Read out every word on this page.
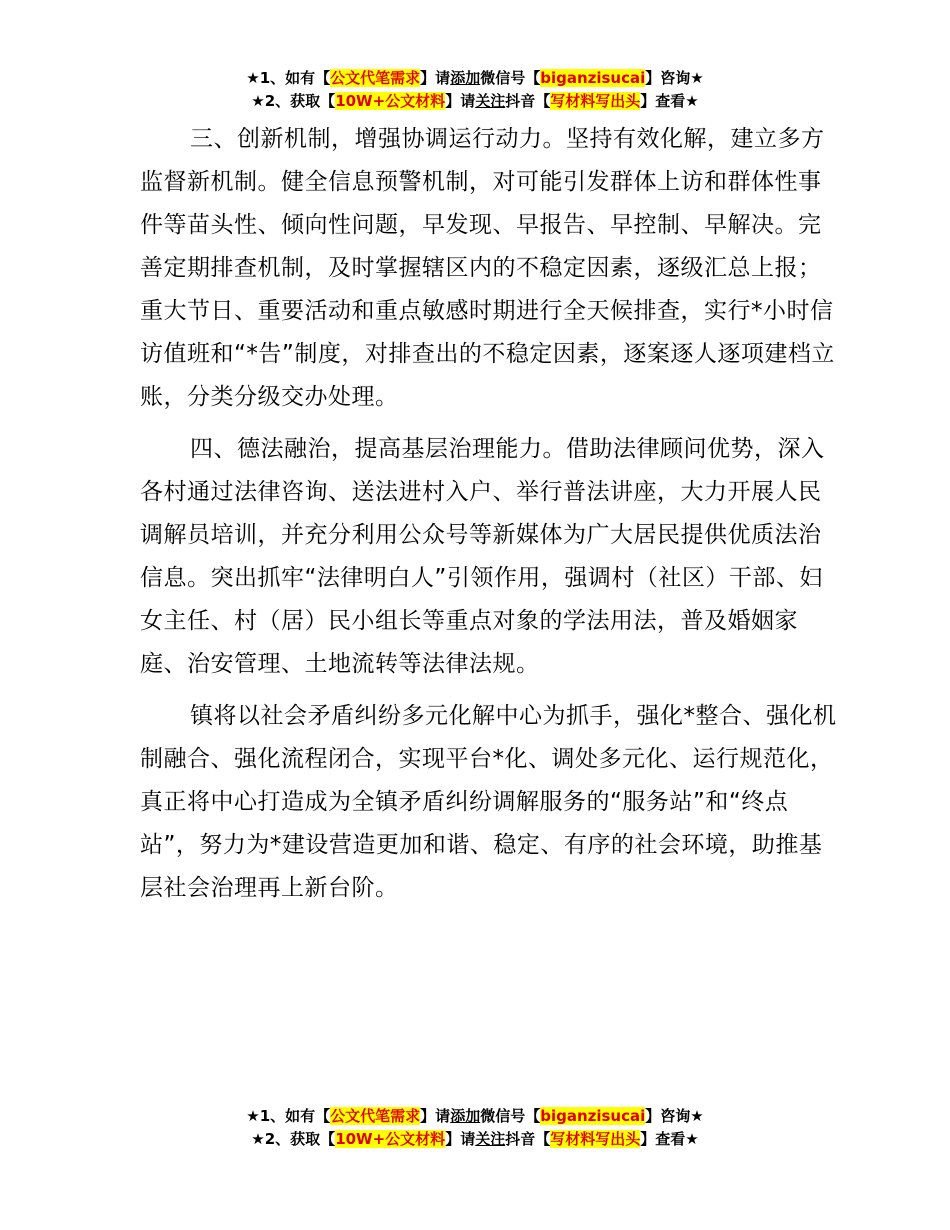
★1、如有【公文代笔需求】请添加微信号【biganzisucai】咨询★
★2、获取【10W+公文材料】请关注抖音【写材料写出头】查看★

三、创新机制，增强协调运行动力。坚持有效化解，建立多方监督新机制。健全信息预警机制，对可能引发群体上访和群体性事件等苗头性、倾向性问题，早发现、早报告、早控制、早解决。完善定期排查机制，及时掌握辖区内的不稳定因素，逐级汇总上报；重大节日、重要活动和重点敏感时期进行全天候排查，实行*小时信访值班和“*告”制度，对排查出的不稳定因素，逐案逐人逐项建档立账，分类分级交办处理。

四、德法融治，提高基层治理能力。借助法律顾问优势，深入各村通过法律咨询、送法进村入户、举行普法讲座，大力开展人民调解员培训，并充分利用公众号等新媒体为广大居民提供优质法治信息。突出抓牢“法律明白人”引领作用，强调村（社区）干部、妇女主任、村（居）民小组长等重点对象的学法用法，普及婚姻家庭、治安管理、土地流转等法律法规。

镇将以社会矛盾纠纷多元化解中心为抓手，强化*整合、强化机制融合、强化流程闭合，实现平台*化、调处多元化、运行规范化，真正将中心打造成为全镇矛盾纠纷调解服务的“服务站”和“终点站”，努力为*建设营造更加和谐、稳定、有序的社会环境，助推基层社会治理再上新台阶。

★1、如有【公文代笔需求】请添加微信号【biganzisucai】咨询★
★2、获取【10W+公文材料】请关注抖音【写材料写出头】查看★
